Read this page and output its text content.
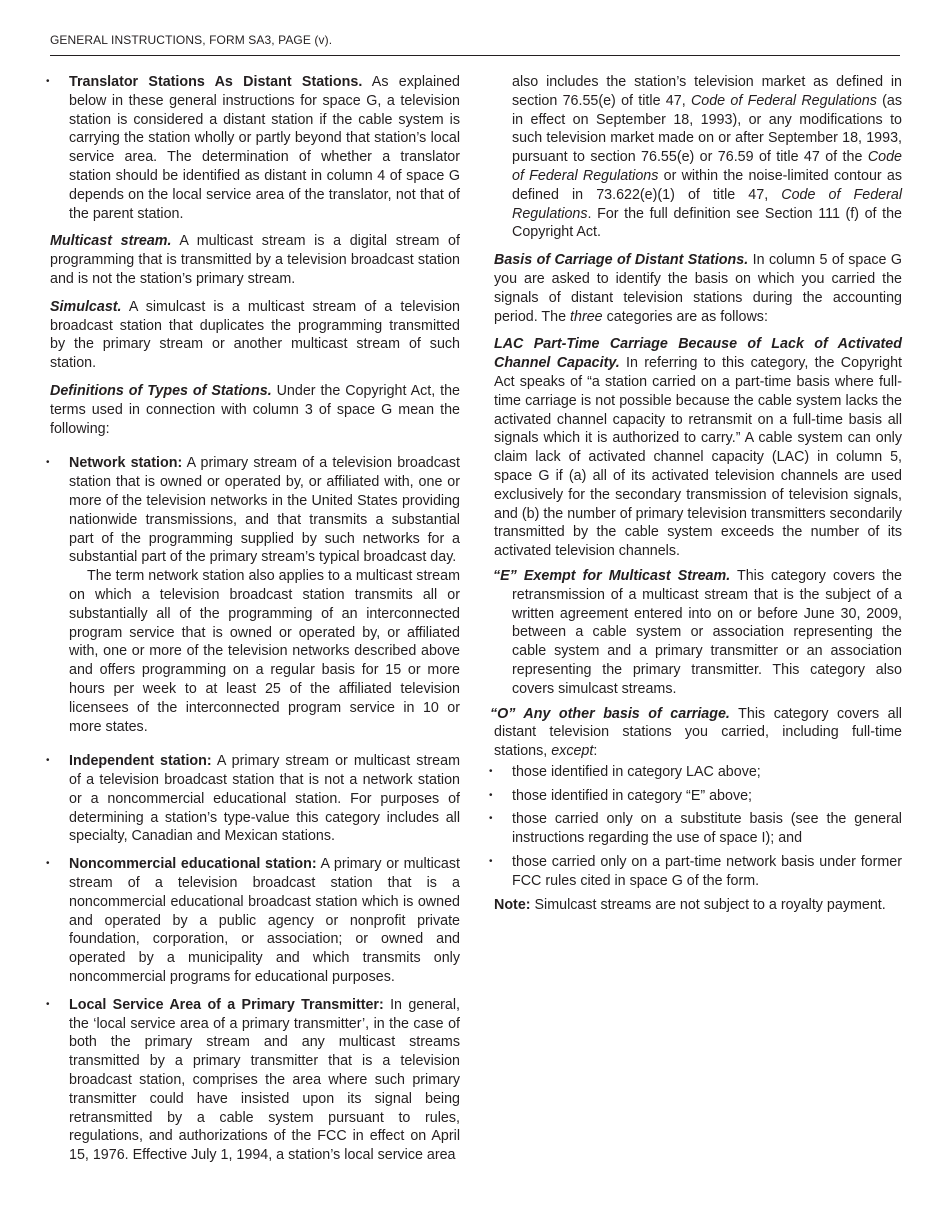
GENERAL INSTRUCTIONS, FORM SA3, PAGE (v).

• Translator Stations As Distant Stations. As explained below in these general instructions for space G, a television station is considered a distant station if the cable system is carrying the station wholly or partly beyond that station’s local service area. The determination of whether a translator station should be identified as distant in column 4 of space G depends on the local service area of the translator, not that of the parent station.

Multicast stream. A multicast stream is a digital stream of programming that is transmitted by a television broadcast station and is not the station’s primary stream.

Simulcast. A simulcast is a multicast stream of a television broadcast station that duplicates the programming transmitted by the primary stream or another multicast stream of such station.

Definitions of Types of Stations. Under the Copyright Act, the terms used in connection with column 3 of space G mean the following:

• Network station: A primary stream of a television broadcast station that is owned or operated by, or affiliated with, one or more of the television networks in the United States providing nationwide transmissions, and that transmits a substantial part of the programming supplied by such networks for a substantial part of the primary stream’s typical broadcast day.

The term network station also applies to a multicast stream on which a television broadcast station transmits all or substantially all of the programming of an interconnected program service that is owned or operated by, or affiliated with, one or more of the television networks described above and offers programming on a regular basis for 15 or more hours per week to at least 25 of the affiliated television licensees of the interconnected program service in 10 or more states.

• Independent station: A primary stream or multicast stream of a television broadcast station that is not a network station or a noncommercial educational station. For purposes of determining a station’s type-value this category includes all specialty, Canadian and Mexican stations.

• Noncommercial educational station: A primary or multicast stream of a television broadcast station that is a noncommercial educational broadcast station which is owned and operated by a public agency or nonprofit private foundation, corporation, or association; or owned and operated by a municipality and which transmits only noncommercial programs for educational purposes.

• Local Service Area of a Primary Transmitter: In general, the ‘local service area of a primary transmitter’, in the case of both the primary stream and any multicast streams transmitted by a primary transmitter that is a television broadcast station, comprises the area where such primary transmitter could have insisted upon its signal being retransmitted by a cable system pursuant to rules, regulations, and authorizations of the FCC in effect on April 15, 1976. Effective July 1, 1994, a station’s local service area

also includes the station’s television market as defined in section 76.55(e) of title 47, Code of Federal Regulations (as in effect on September 18, 1993), or any modifications to such television market made on or after September 18, 1993, pursuant to section 76.55(e) or 76.59 of title 47 of the Code of Federal Regulations or within the noise-limited contour as defined in 73.622(e)(1) of title 47, Code of Federal Regulations. For the full definition see Section 111 (f) of the Copyright Act.

Basis of Carriage of Distant Stations. In column 5 of space G you are asked to identify the basis on which you carried the signals of distant television stations during the accounting period. The three categories are as follows:

LAC Part-Time Carriage Because of Lack of Activated Channel Capacity. In referring to this category, the Copyright Act speaks of “a station carried on a part-time basis where full-time carriage is not possible because the cable system lacks the activated channel capacity to retransmit on a full-time basis all signals which it is authorized to carry.” A cable system can only claim lack of activated channel capacity (LAC) in column 5, space G if (a) all of its activated television channels are used exclusively for the secondary transmission of television signals, and (b) the number of primary television transmitters secondarily transmitted by the cable system exceeds the number of its activated television channels.

“E” Exempt for Multicast Stream. This category covers the retransmission of a multicast stream that is the subject of a written agreement entered into on or before June 30, 2009, between a cable system or association representing the cable system and a primary transmitter or an association representing the primary transmitter. This category also covers simulcast streams.

“O” Any other basis of carriage. This category covers all distant television stations you carried, including full-time stations, except:

• those identified in category LAC above;

• those identified in category “E” above;

• those carried only on a substitute basis (see the general instructions regarding the use of space I); and

• those carried only on a part-time network basis under former FCC rules cited in space G of the form.

Note: Simulcast streams are not subject to a royalty payment.
